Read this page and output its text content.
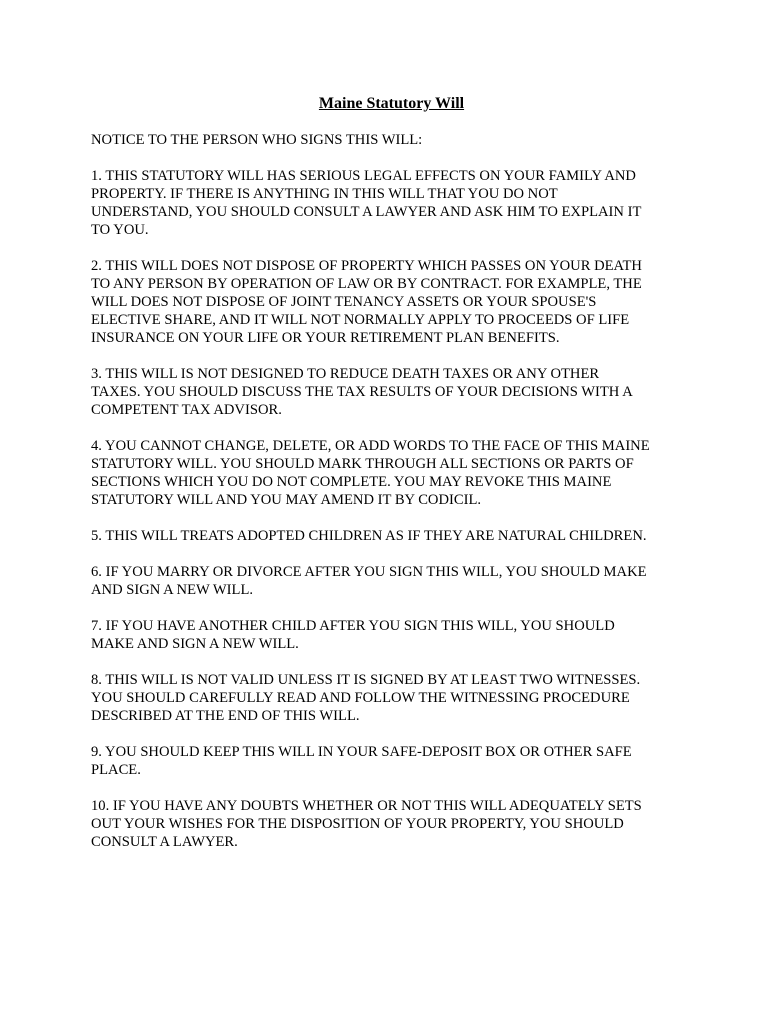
Maine Statutory Will
NOTICE TO THE PERSON WHO SIGNS THIS WILL:
1. THIS STATUTORY WILL HAS SERIOUS LEGAL EFFECTS ON YOUR FAMILY AND
PROPERTY. IF THERE IS ANYTHING IN THIS WILL THAT YOU DO NOT
UNDERSTAND, YOU SHOULD CONSULT A LAWYER AND ASK HIM TO EXPLAIN IT
TO YOU.
2. THIS WILL DOES NOT DISPOSE OF PROPERTY WHICH PASSES ON YOUR DEATH
TO ANY PERSON BY OPERATION OF LAW OR BY CONTRACT. FOR EXAMPLE, THE
WILL DOES NOT DISPOSE OF JOINT TENANCY ASSETS OR YOUR SPOUSE'S
ELECTIVE SHARE, AND IT WILL NOT NORMALLY APPLY TO PROCEEDS OF LIFE
INSURANCE ON YOUR LIFE OR YOUR RETIREMENT PLAN BENEFITS.
3. THIS WILL IS NOT DESIGNED TO REDUCE DEATH TAXES OR ANY OTHER
TAXES. YOU SHOULD DISCUSS THE TAX RESULTS OF YOUR DECISIONS WITH A
COMPETENT TAX ADVISOR.
4. YOU CANNOT CHANGE, DELETE, OR ADD WORDS TO THE FACE OF THIS MAINE
STATUTORY WILL. YOU SHOULD MARK THROUGH ALL SECTIONS OR PARTS OF
SECTIONS WHICH YOU DO NOT COMPLETE. YOU MAY REVOKE THIS MAINE
STATUTORY WILL AND YOU MAY AMEND IT BY CODICIL.
5. THIS WILL TREATS ADOPTED CHILDREN AS IF THEY ARE NATURAL CHILDREN.
6. IF YOU MARRY OR DIVORCE AFTER YOU SIGN THIS WILL, YOU SHOULD MAKE
AND SIGN A NEW WILL.
7. IF YOU HAVE ANOTHER CHILD AFTER YOU SIGN THIS WILL, YOU SHOULD
MAKE AND SIGN A NEW WILL.
8. THIS WILL IS NOT VALID UNLESS IT IS SIGNED BY AT LEAST TWO WITNESSES.
YOU SHOULD CAREFULLY READ AND FOLLOW THE WITNESSING PROCEDURE
DESCRIBED AT THE END OF THIS WILL.
9. YOU SHOULD KEEP THIS WILL IN YOUR SAFE-DEPOSIT BOX OR OTHER SAFE
PLACE.
10. IF YOU HAVE ANY DOUBTS WHETHER OR NOT THIS WILL ADEQUATELY SETS
OUT YOUR WISHES FOR THE DISPOSITION OF YOUR PROPERTY, YOU SHOULD
CONSULT A LAWYER.
